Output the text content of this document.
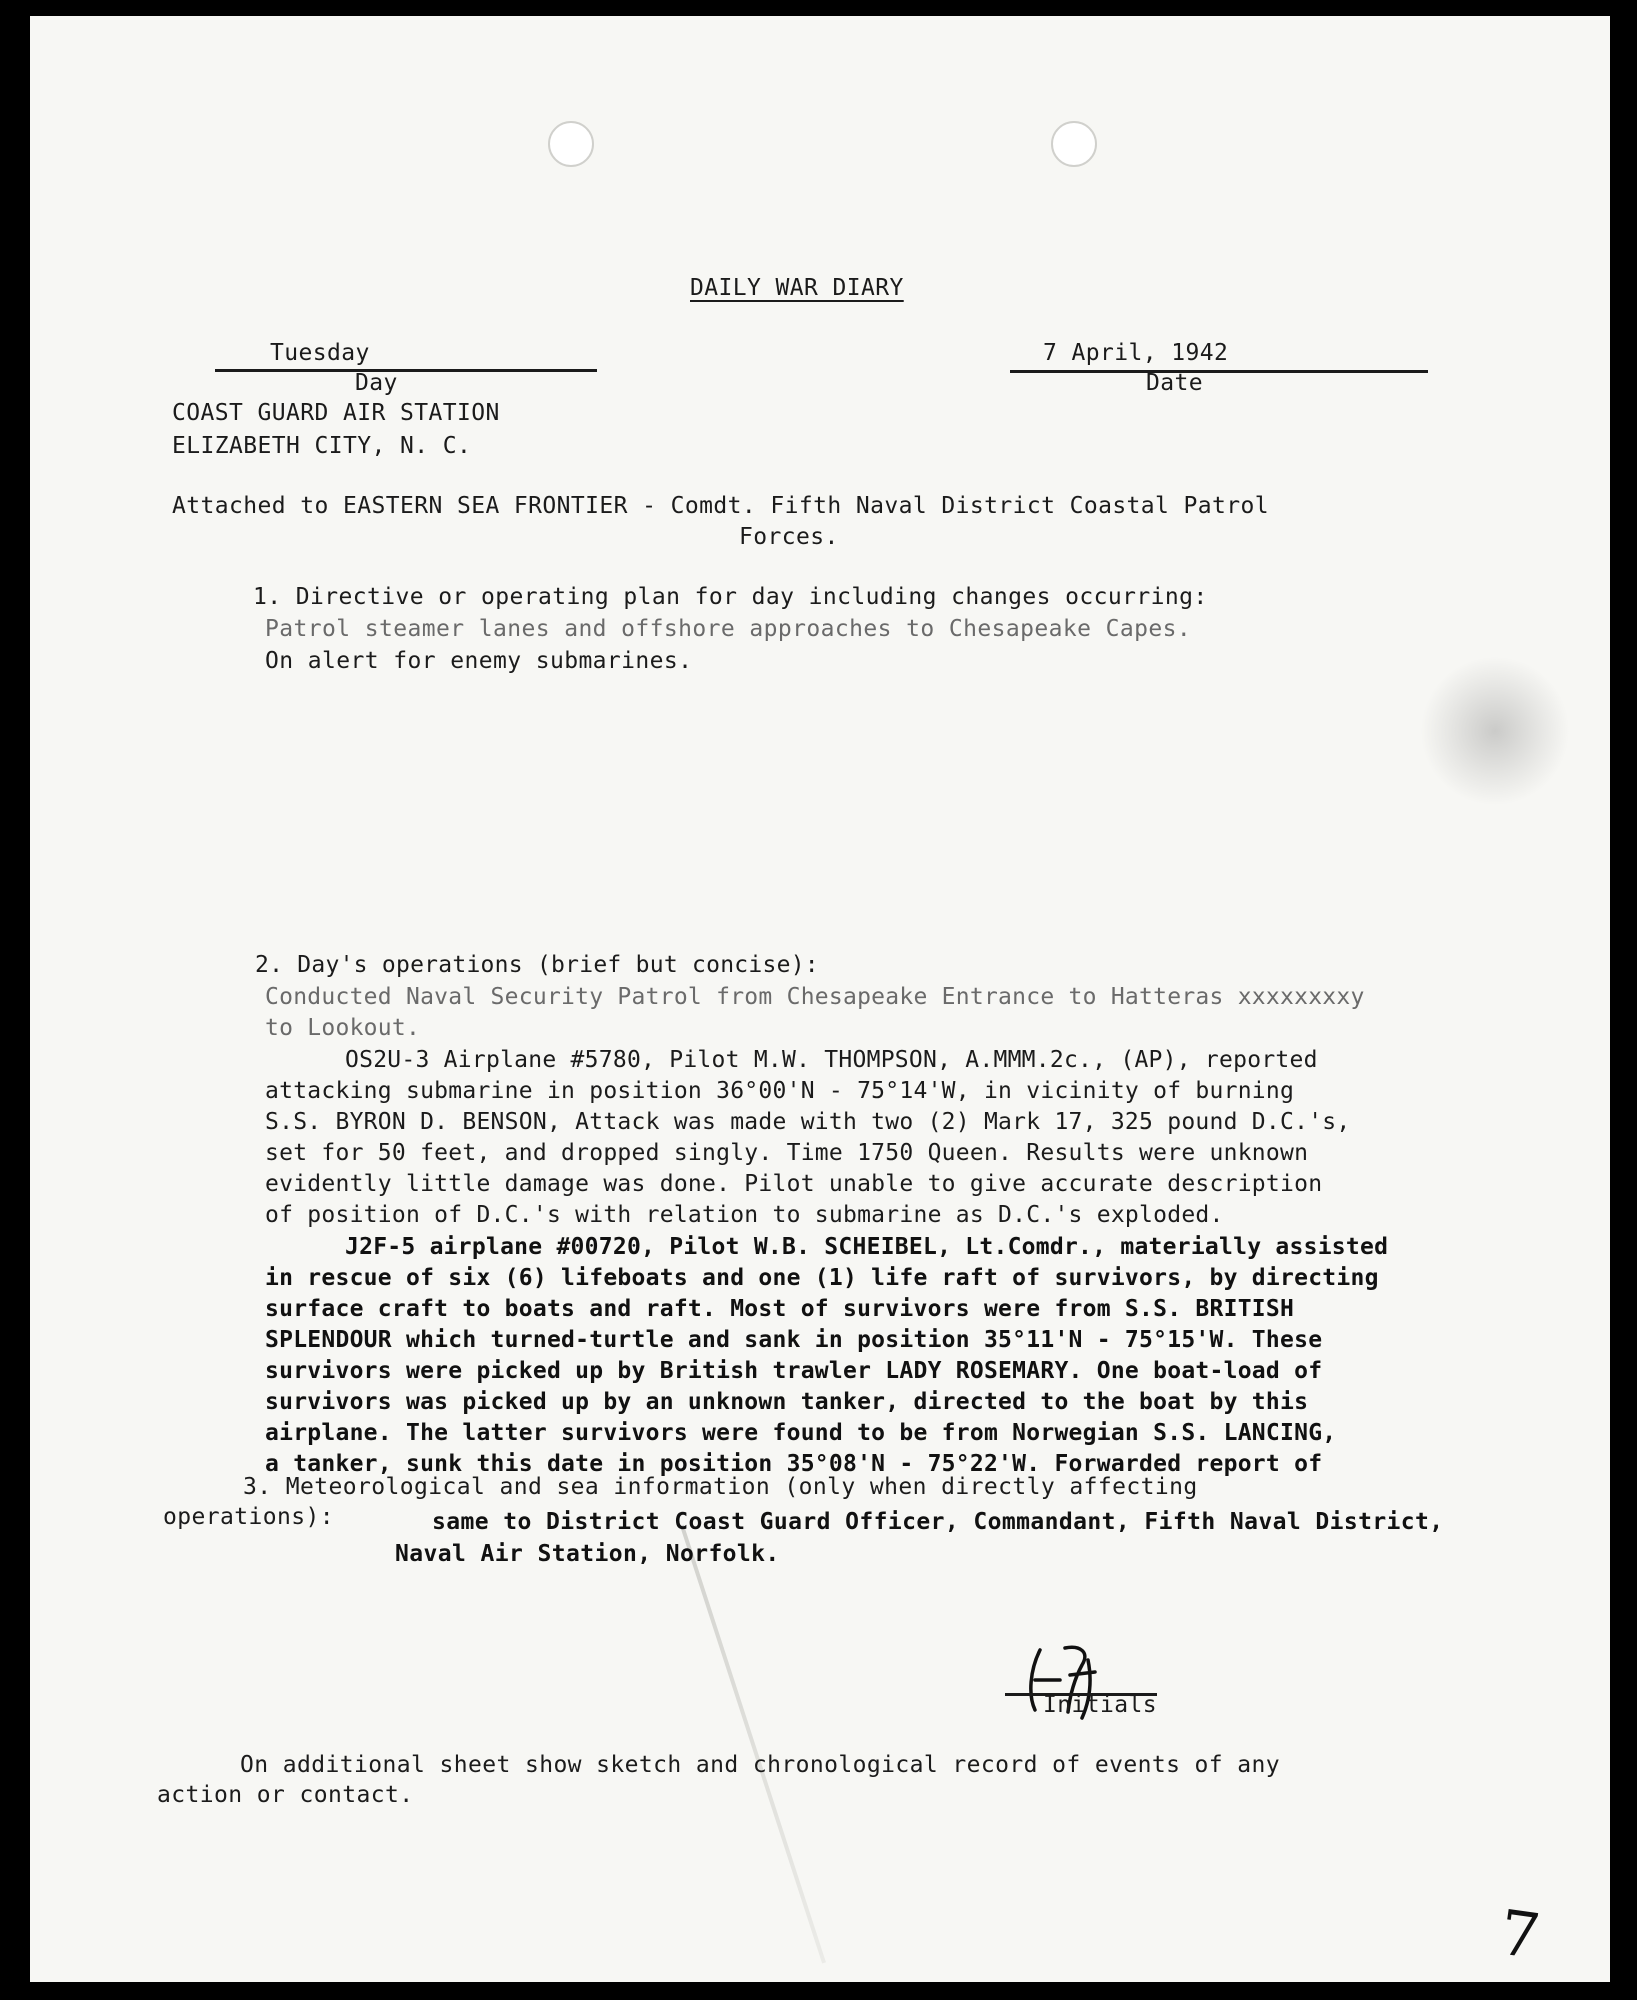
DAILY WAR DIARY
Tuesday
Day
7 April, 1942
Date
COAST GUARD AIR STATION
ELIZABETH CITY, N. C.
Attached to EASTERN SEA FRONTIER - Comdt. Fifth Naval District Coastal Patrol
Forces.
1. Directive or operating plan for day including changes occurring:
Patrol steamer lanes and offshore approaches to Chesapeake Capes.
On alert for enemy submarines.
2. Day's operations (brief but concise):
Conducted Naval Security Patrol from Chesapeake Entrance to Hatteras xxxxxxxxy
to Lookout.
OS2U-3 Airplane #5780, Pilot M.W. THOMPSON, A.MMM.2c., (AP), reported
attacking submarine in position 36°00'N - 75°14'W, in vicinity of burning
S.S. BYRON D. BENSON, Attack was made with two (2) Mark 17, 325 pound D.C.'s,
set for 50 feet, and dropped singly. Time 1750 Queen. Results were unknown
evidently little damage was done. Pilot unable to give accurate description
of position of D.C.'s with relation to submarine as D.C.'s exploded.
J2F-5 airplane #00720, Pilot W.B. SCHEIBEL, Lt.Comdr., materially assisted
in rescue of six (6) lifeboats and one (1) life raft of survivors, by directing
surface craft to boats and raft. Most of survivors were from S.S. BRITISH
SPLENDOUR which turned-turtle and sank in position 35°11'N - 75°15'W. These
survivors were picked up by British trawler LADY ROSEMARY. One boat-load of
survivors was picked up by an unknown tanker, directed to the boat by this
airplane. The latter survivors were found to be from Norwegian S.S. LANCING,
a tanker, sunk this date in position 35°08'N - 75°22'W. Forwarded report of
3. Meteorological and sea information (only when directly affecting
operations):	same to District Coast Guard Officer, Commandant, Fifth Naval District,
Naval Air Station, Norfolk.
Initials
On additional sheet show sketch and chronological record of events of any
action or contact.
7
